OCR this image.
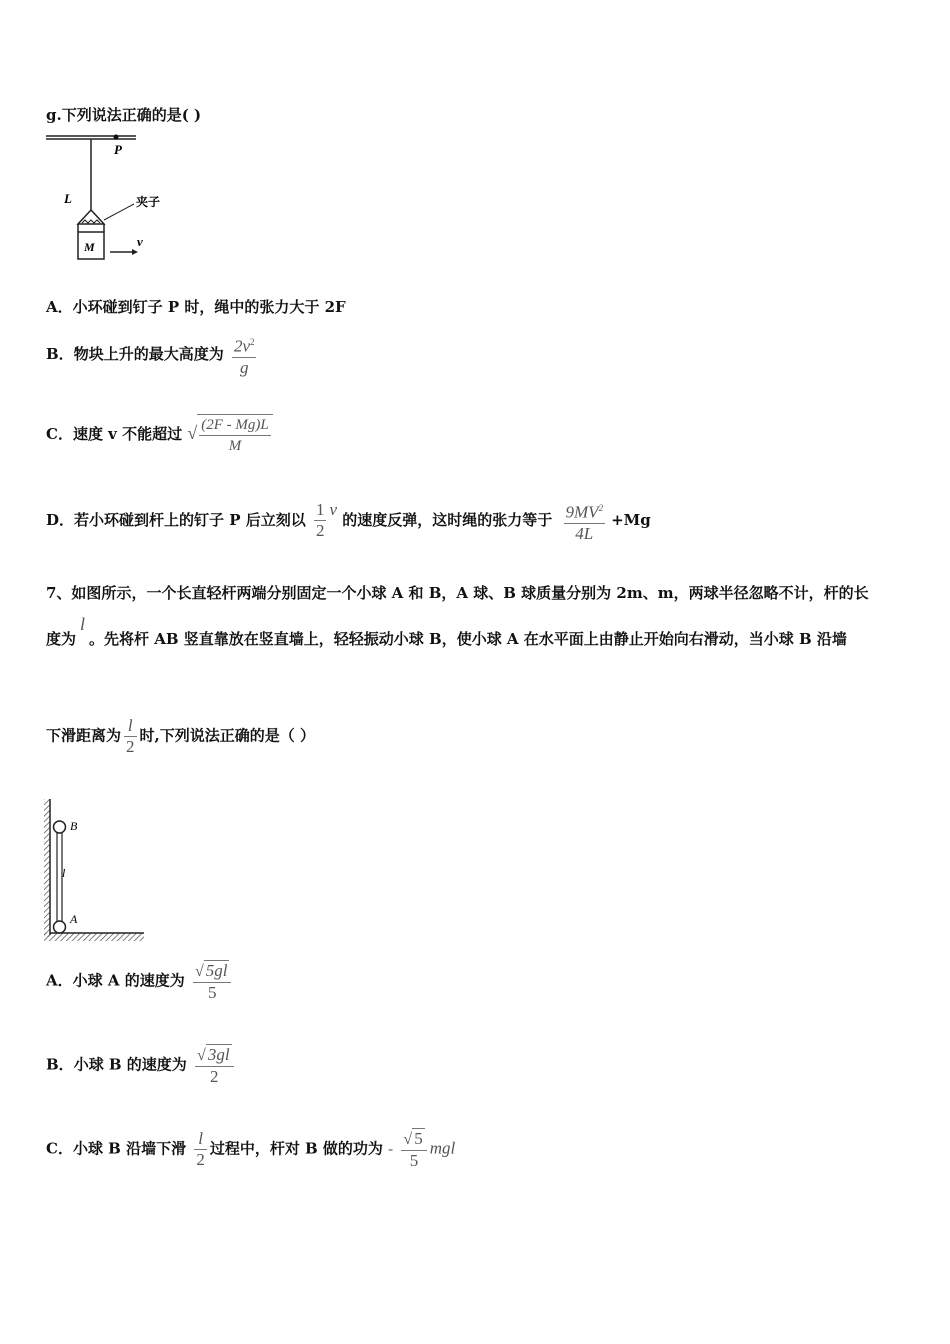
g.下列说法正确的是( )
P
L	夹子
M	v
A．小环碰到钉子 P 时，绳中的张力大于 2F
B．物块上升的最大高度为 $\frac{2v^2}{g}$
C．速度 v 不能超过 √ $\frac{(2F - Mg)L}{M}$
D．若小环碰到杆上的钉子 P 后立刻以 $\frac{1}{2}$ v 的速度反弹，这时绳的张力等于 $\frac{9MV^2}{4L} +Mg$
7、如图所示，一个长直轻杆两端分别固定一个小球 A 和 B，A 球、B 球质量分别为 2m、m，两球半径忽略不计，杆的长
度为l。先将杆 AB 竖直靠放在竖直墙上，轻轻振动小球 B，使小球 A 在水平面上由静止开始向右滑动，当小球 B 沿墙
下滑距离为 $\frac{l}{2}$ 时,下列说法正确的是（ ）
B
l
A
A．小球 A 的速度为 $\frac{√ 5gl}{5}$
B．小球 B 的速度为 $\frac{√ 3gl}{2}$
C．小球 B 沿墙下滑 $\frac{l}{2}$ 过程中，杆对 B 做的功为 - $\frac{√ 5}{5}$ mgl
